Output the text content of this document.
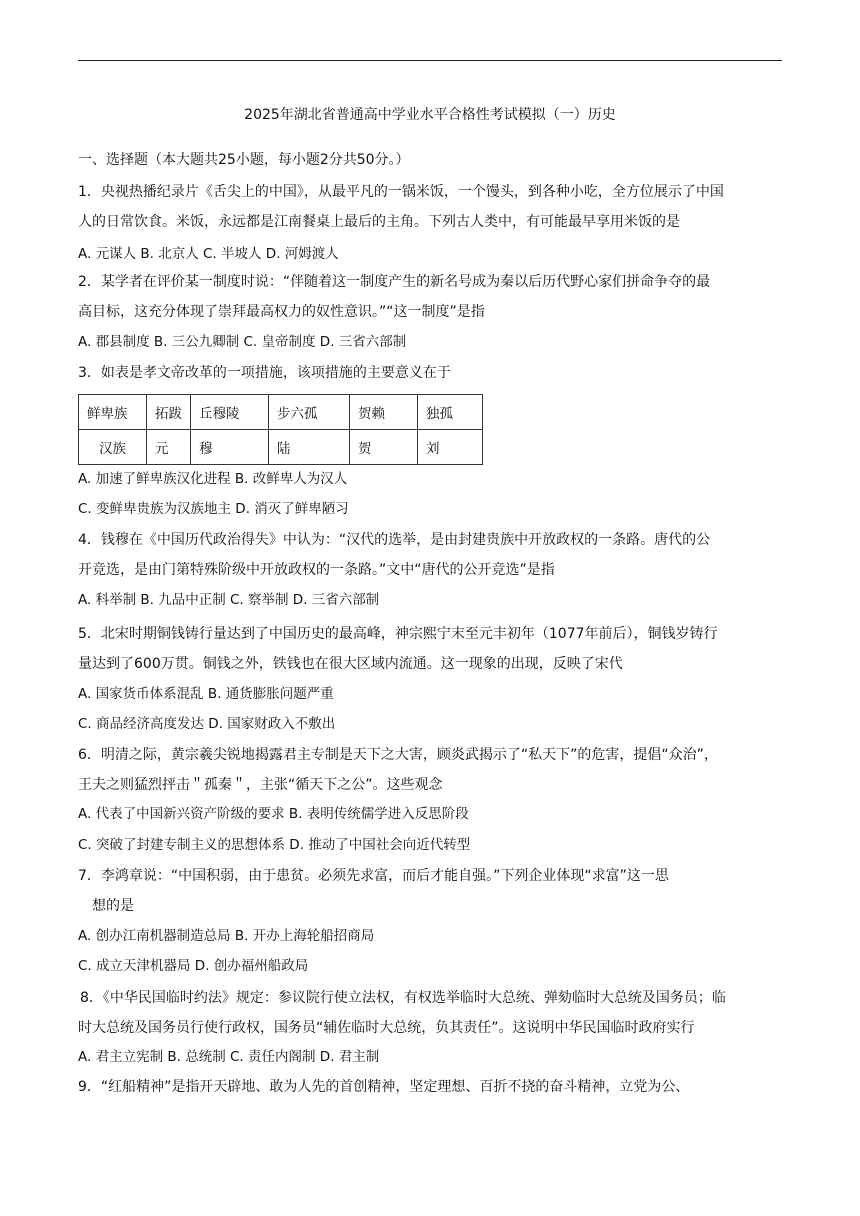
2025年湖北省普通高中学业水平合格性考试模拟（一）历史
一、选择题（本大题共25小题，每小题2分共50分。）
1．央视热播纪录片《舌尖上的中国》，从最平凡的一锅米饭，一个馒头，到各种小吃，全方位展示了中国
人的日常饮食。米饭，永远都是江南餐桌上最后的主角。下列古人类中，有可能最早享用米饭的是
A. 元谋人 B. 北京人 C. 半坡人 D. 河姆渡人
2．某学者在评价某一制度时说：“伴随着这一制度产生的新名号成为秦以后历代野心家们拼命争夺的最
高目标，这充分体现了崇拜最高权力的奴性意识。”“这一制度”是指
A. 郡县制度 B. 三公九卿制 C. 皇帝制度 D. 三省六部制
3．如表是孝文帝改革的一项措施，该项措施的主要意义在于
鲜卑族	拓跋	丘穆陵	步六孤	贺赖	独孤
汉族	元	穆	陆	贺	刘
A. 加速了鲜卑族汉化进程 B. 改鲜卑人为汉人
C. 变鲜卑贵族为汉族地主 D. 消灭了鲜卑陋习
4．钱穆在《中国历代政治得失》中认为：“汉代的选举，是由封建贵族中开放政权的一条路。唐代的公
开竞选，是由门第特殊阶级中开放政权的一条路。”文中“唐代的公开竞选”是指
A. 科举制 B. 九品中正制 C. 察举制 D. 三省六部制
5．北宋时期铜钱铸行量达到了中国历史的最高峰，神宗熙宁末至元丰初年（1077年前后），铜钱岁铸行
量达到了600万贯。铜钱之外，铁钱也在很大区域内流通。这一现象的出现，反映了宋代
A. 国家货币体系混乱 B. 通货膨胀问题严重
C. 商品经济高度发达 D. 国家财政入不敷出
6．明清之际，黄宗羲尖锐地揭露君主专制是天下之大害，顾炎武揭示了“私天下”的危害，提倡“众治”，
王夫之则猛烈抨击＂孤秦＂，主张“循天下之公”。这些观念
A. 代表了中国新兴资产阶级的要求 B. 表明传统儒学进入反思阶段
C. 突破了封建专制主义的思想体系 D. 推动了中国社会向近代转型
7．李鸿章说：“中国积弱，由于患贫。必须先求富，而后才能自强。”下列企业体现“求富”这一思
想的是
A. 创办江南机器制造总局 B. 开办上海轮船招商局
C. 成立天津机器局 D. 创办福州船政局
8．《中华民国临时约法》规定：参议院行使立法权，有权选举临时大总统、弹劾临时大总统及国务员；临
时大总统及国务员行使行政权，国务员“辅佐临时大总统，负其责任”。这说明中华民国临时政府实行
A. 君主立宪制 B. 总统制 C. 责任内阁制 D. 君主制
9．“红船精神”是指开天辟地、敢为人先的首创精神，坚定理想、百折不挠的奋斗精神，立党为公、
